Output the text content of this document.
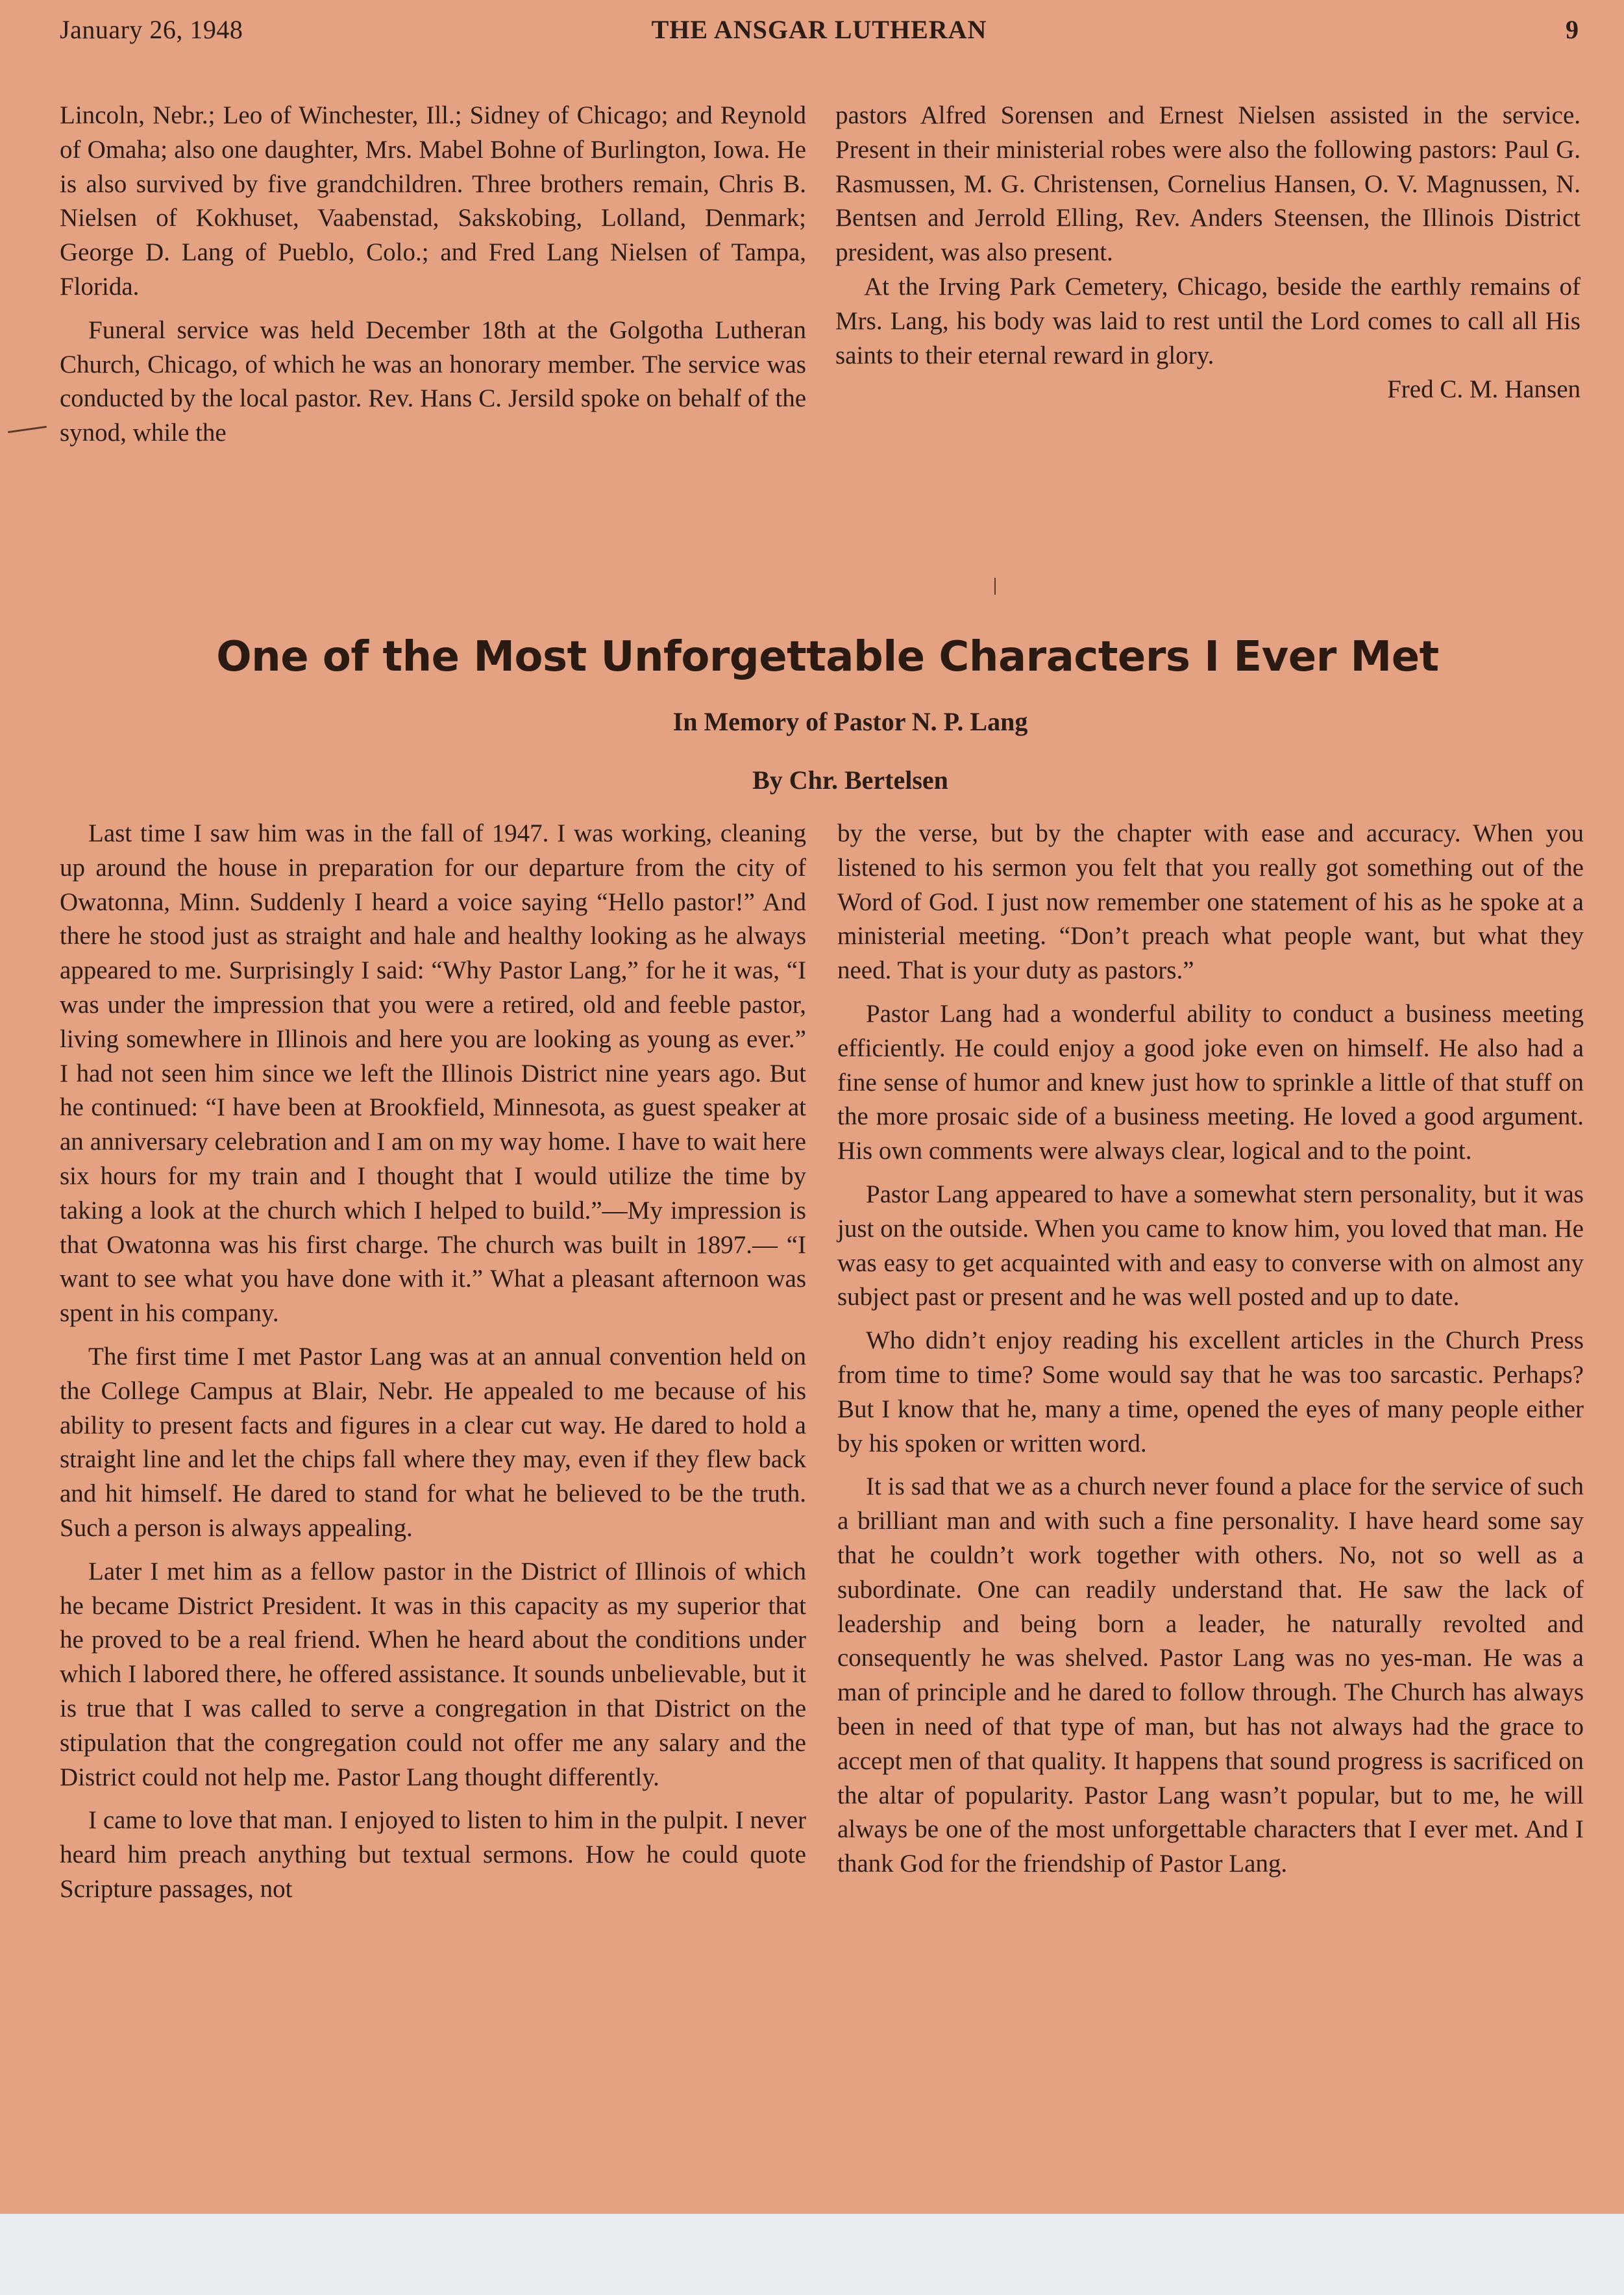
January 26, 1948	THE ANSGAR LUTHERAN	9

Lincoln, Nebr.; Leo of Winchester, Ill.; Sidney of Chicago; and Reynold of Omaha; also one daughter, Mrs. Mabel Bohne of Burlington, Iowa. He is also survived by five grandchildren. Three brothers remain, Chris B. Nielsen of Kokhuset, Vaabenstad, Sakskobing, Lolland, Denmark; George D. Lang of Pueblo, Colo.; and Fred Lang Nielsen of Tampa, Florida.

Funeral service was held December 18th at the Golgotha Lutheran Church, Chicago, of which he was an honorary member. The service was conducted by the local pastor. Rev. Hans C. Jersild spoke on behalf of the synod, while the

pastors Alfred Sorensen and Ernest Nielsen assisted in the service. Present in their ministerial robes were also the following pastors: Paul G. Rasmussen, M. G. Christensen, Cornelius Hansen, O. V. Magnussen, N. Bentsen and Jerrold Elling, Rev. Anders Steensen, the Illinois District president, was also present.

At the Irving Park Cemetery, Chicago, beside the earthly remains of Mrs. Lang, his body was laid to rest until the Lord comes to call all His saints to their eternal reward in glory.

Fred C. M. Hansen

One of the Most Unforgettable Characters I Ever Met
In Memory of Pastor N. P. Lang
By Chr. Bertelsen

Last time I saw him was in the fall of 1947. I was working, cleaning up around the house in preparation for our departure from the city of Owatonna, Minn. Suddenly I heard a voice saying “Hello pastor!” And there he stood just as straight and hale and healthy looking as he always appeared to me. Surprisingly I said: “Why Pastor Lang,” for he it was, “I was under the impression that you were a retired, old and feeble pastor, living somewhere in Illinois and here you are looking as young as ever.” I had not seen him since we left the Illinois District nine years ago. But he continued: “I have been at Brookfield, Minnesota, as guest speaker at an anniversary celebration and I am on my way home. I have to wait here six hours for my train and I thought that I would utilize the time by taking a look at the church which I helped to build.”—My impression is that Owatonna was his first charge. The church was built in 1897.— “I want to see what you have done with it.” What a pleasant afternoon was spent in his company.

The first time I met Pastor Lang was at an annual convention held on the College Campus at Blair, Nebr. He appealed to me because of his ability to present facts and figures in a clear cut way. He dared to hold a straight line and let the chips fall where they may, even if they flew back and hit himself. He dared to stand for what he believed to be the truth. Such a person is always appealing.

Later I met him as a fellow pastor in the District of Illinois of which he became District President. It was in this capacity as my superior that he proved to be a real friend. When he heard about the conditions under which I labored there, he offered assistance. It sounds unbelievable, but it is true that I was called to serve a congregation in that District on the stipulation that the congregation could not offer me any salary and the District could not help me. Pastor Lang thought differently.

I came to love that man. I enjoyed to listen to him in the pulpit. I never heard him preach anything but textual sermons. How he could quote Scripture passages, not

by the verse, but by the chapter with ease and accuracy. When you listened to his sermon you felt that you really got something out of the Word of God. I just now remember one statement of his as he spoke at a ministerial meeting. “Don’t preach what people want, but what they need. That is your duty as pastors.”

Pastor Lang had a wonderful ability to conduct a business meeting efficiently. He could enjoy a good joke even on himself. He also had a fine sense of humor and knew just how to sprinkle a little of that stuff on the more prosaic side of a business meeting. He loved a good argument. His own comments were always clear, logical and to the point.

Pastor Lang appeared to have a somewhat stern personality, but it was just on the outside. When you came to know him, you loved that man. He was easy to get acquainted with and easy to converse with on almost any subject past or present and he was well posted and up to date.

Who didn’t enjoy reading his excellent articles in the Church Press from time to time? Some would say that he was too sarcastic. Perhaps? But I know that he, many a time, opened the eyes of many people either by his spoken or written word.

It is sad that we as a church never found a place for the service of such a brilliant man and with such a fine personality. I have heard some say that he couldn’t work together with others. No, not so well as a subordinate. One can readily understand that. He saw the lack of leadership and being born a leader, he naturally revolted and consequently he was shelved. Pastor Lang was no yes-man. He was a man of principle and he dared to follow through. The Church has always been in need of that type of man, but has not always had the grace to accept men of that quality. It happens that sound progress is sacrificed on the altar of popularity. Pastor Lang wasn’t popular, but to me, he will always be one of the most unforgettable characters that I ever met. And I thank God for the friendship of Pastor Lang.
